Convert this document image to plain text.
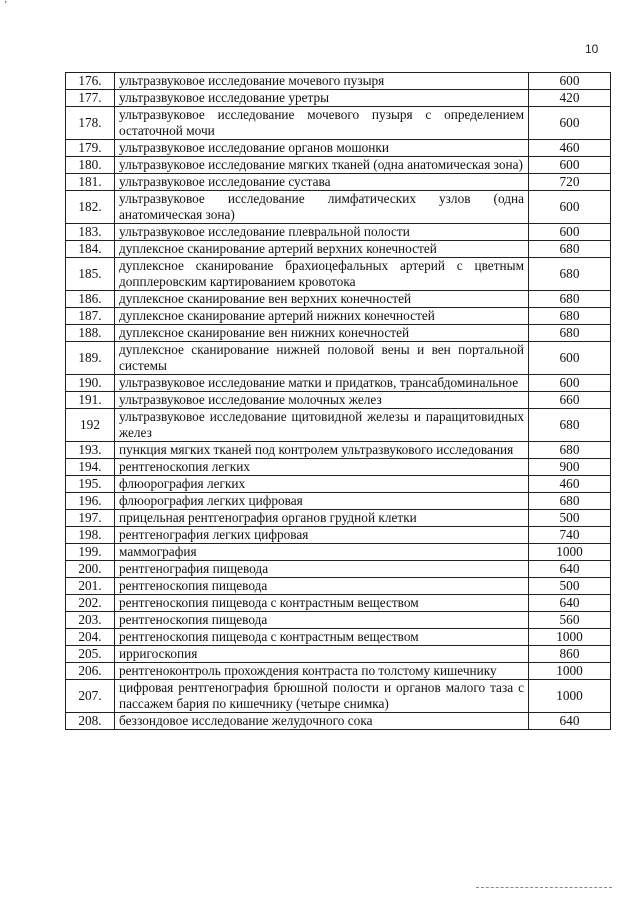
’
10
176.	ультразвуковое исследование мочевого пузыря	600
177.	ультразвуковое исследование уретры	420
178.	ультразвуковое исследование мочевого пузыря с определением остаточной мочи	600
179.	ультразвуковое исследование органов мошонки	460
180.	ультразвуковое исследование мягких тканей (одна анатомическая зона)	600
181.	ультразвуковое исследование сустава	720
182.	ультразвуковое исследование лимфатических узлов (одна анатомическая зона)	600
183.	ультразвуковое исследование плевральной полости	600
184.	дуплексное сканирование артерий верхних конечностей	680
185.	дуплексное сканирование брахиоцефальных артерий с цветным допплеровским картированием кровотока	680
186.	дуплексное сканирование вен верхних конечностей	680
187.	дуплексное сканирование артерий нижних конечностей	680
188.	дуплексное сканирование вен нижних конечностей	680
189.	дуплексное сканирование нижней половой вены и вен портальной системы	600
190.	ультразвуковое исследование матки и придатков, трансабдоминальное	600
191.	ультразвуковое исследование молочных желез	660
192	ультразвуковое исследование щитовидной железы и паращитовидных желез	680
193.	пункция мягких тканей под контролем ультразвукового исследования	680
194.	рентгеноскопия легких	900
195.	флюорография легких	460
196.	флюорография легких цифровая	680
197.	прицельная рентгенография органов грудной клетки	500
198.	рентгенография легких цифровая	740
199.	маммография	1000
200.	рентгенография пищевода	640
201.	рентгеноскопия пищевода	500
202.	рентгеноскопия пищевода с контрастным веществом	640
203.	рентгеноскопия пищевода	560
204.	рентгеноскопия пищевода с контрастным веществом	1000
205.	ирригоскопия	860
206.	рентгеноконтроль прохождения контраста по толстому кишечнику	1000
207.	цифровая рентгенография брюшной полости и органов малого таза с пассажем бария по кишечнику (четыре снимка)	1000
208.	беззондовое исследование желудочного сока	640
